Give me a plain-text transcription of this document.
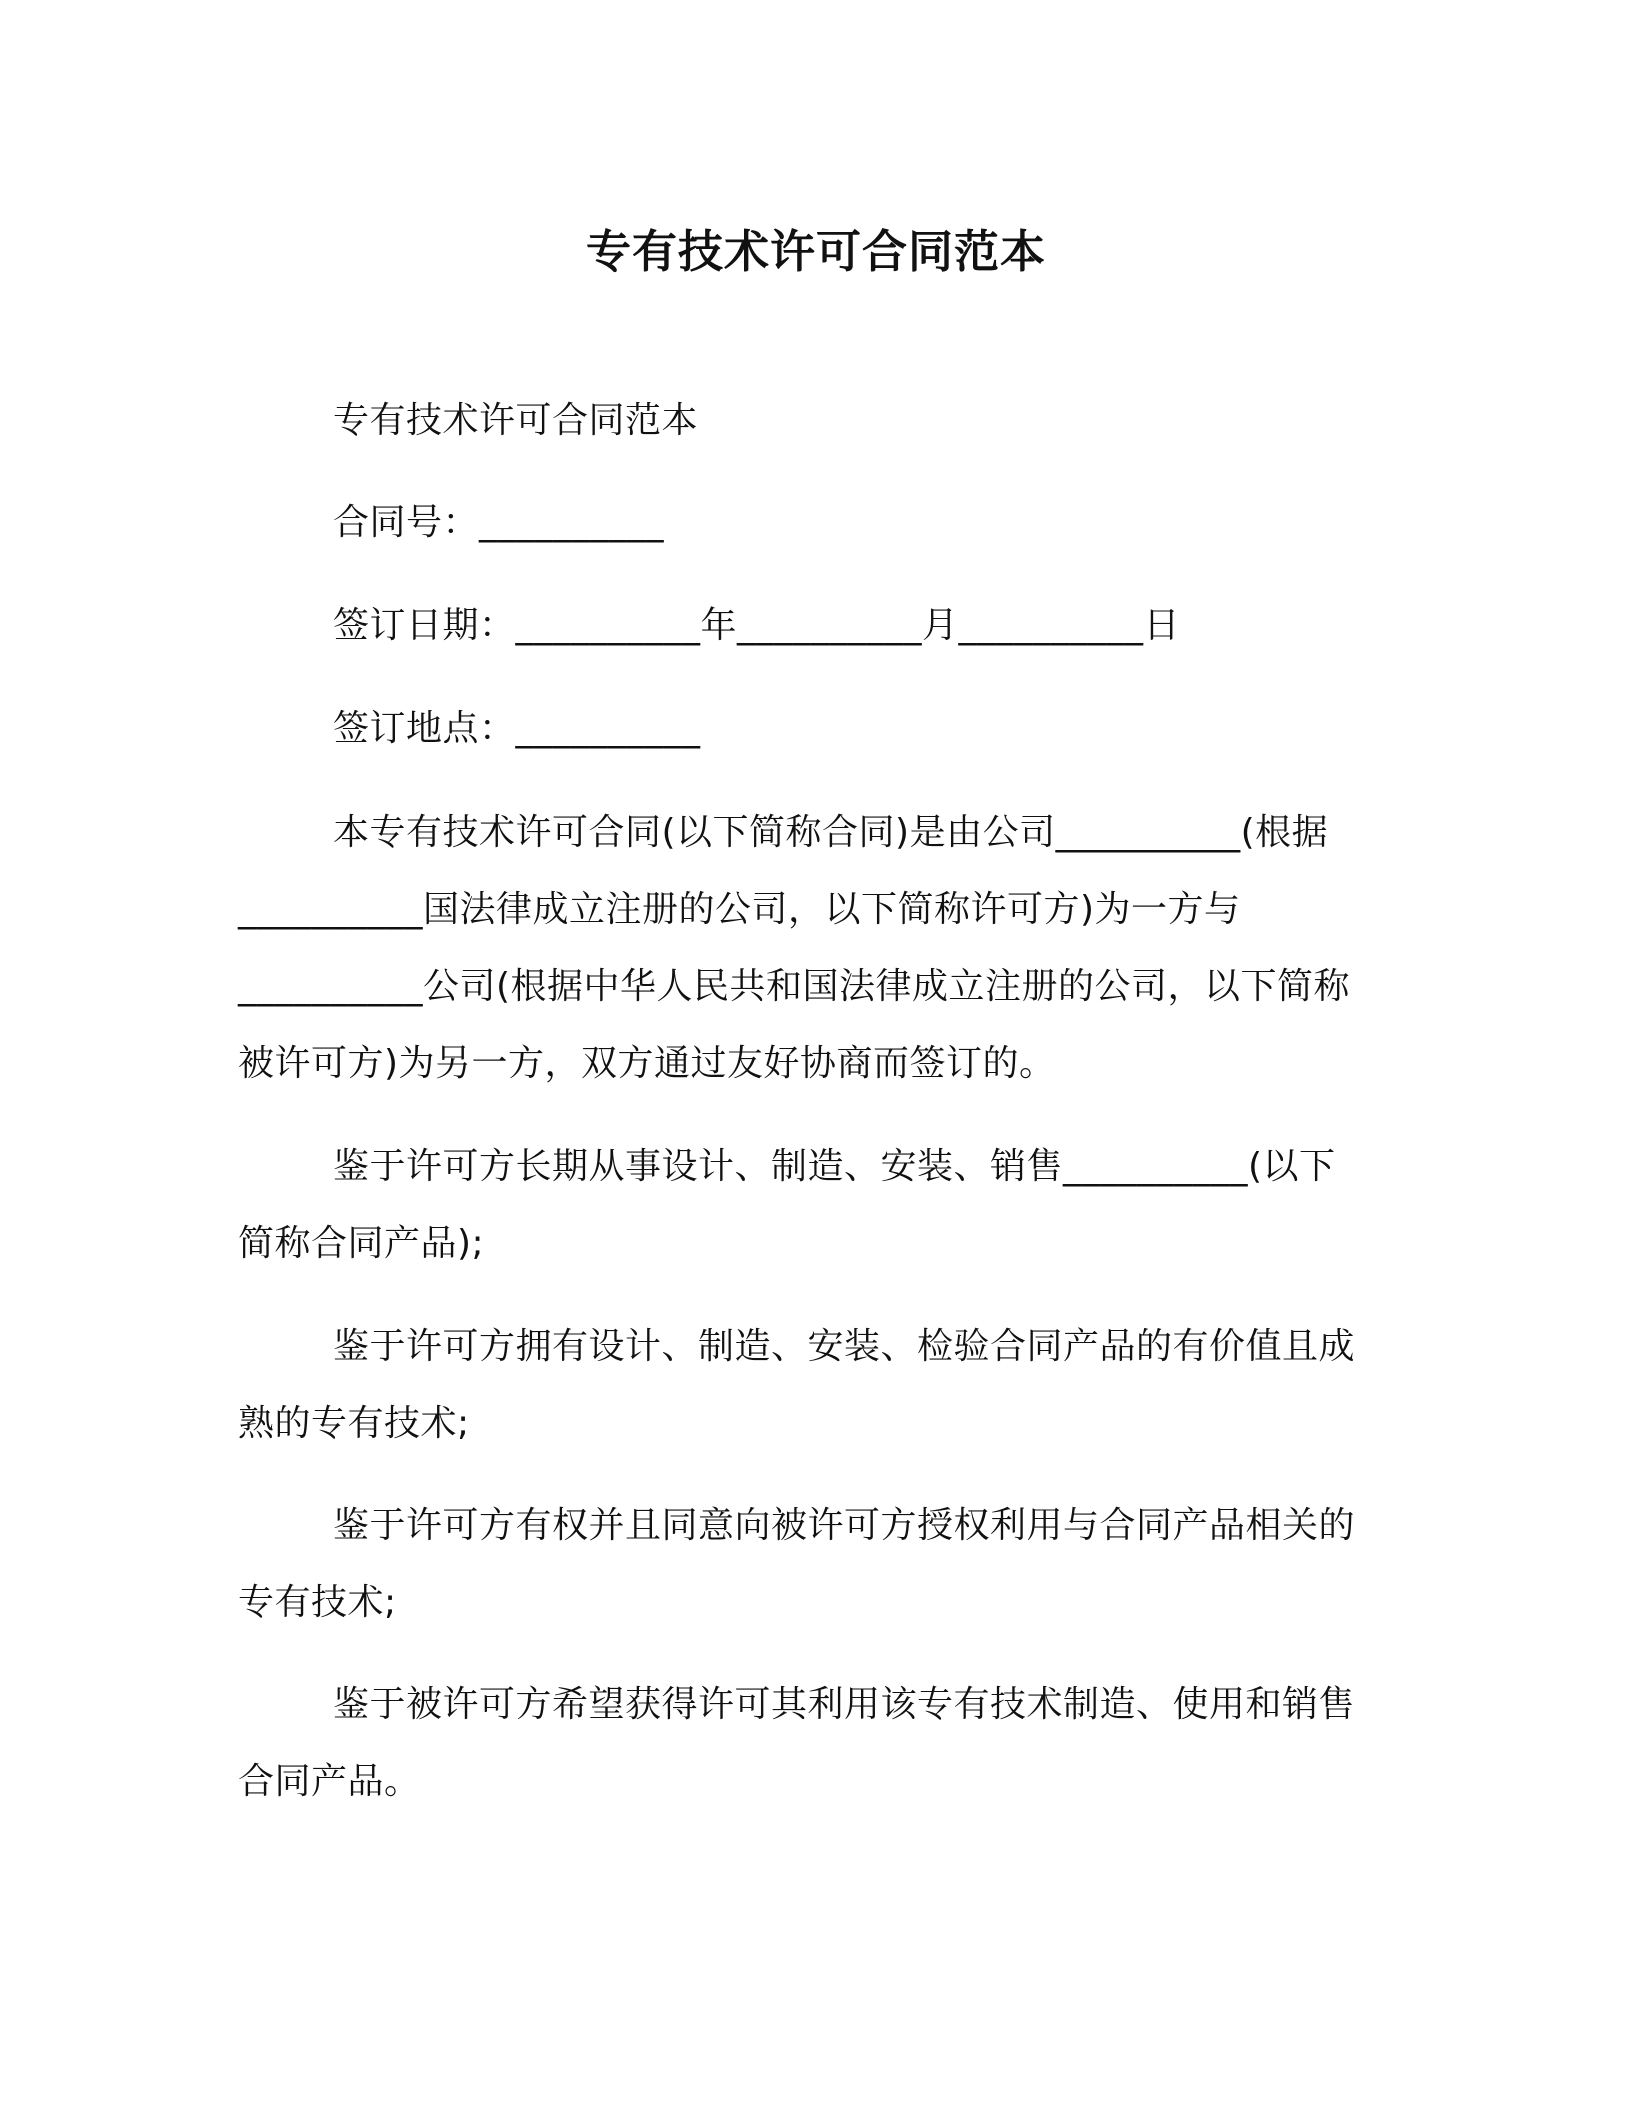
专有技术许可合同范本
专有技术许可合同范本
合同号：__________
签订日期：__________年__________月__________日
签订地点：__________
本专有技术许可合同(以下简称合同)是由公司__________(根据
__________国法律成立注册的公司，以下简称许可方)为一方与
__________公司(根据中华人民共和国法律成立注册的公司，以下简称
被许可方)为另一方，双方通过友好协商而签订的。
鉴于许可方长期从事设计、制造、安装、销售__________(以下
简称合同产品);
鉴于许可方拥有设计、制造、安装、检验合同产品的有价值且成
熟的专有技术;
鉴于许可方有权并且同意向被许可方授权利用与合同产品相关的
专有技术;
鉴于被许可方希望获得许可其利用该专有技术制造、使用和销售
合同产品。
